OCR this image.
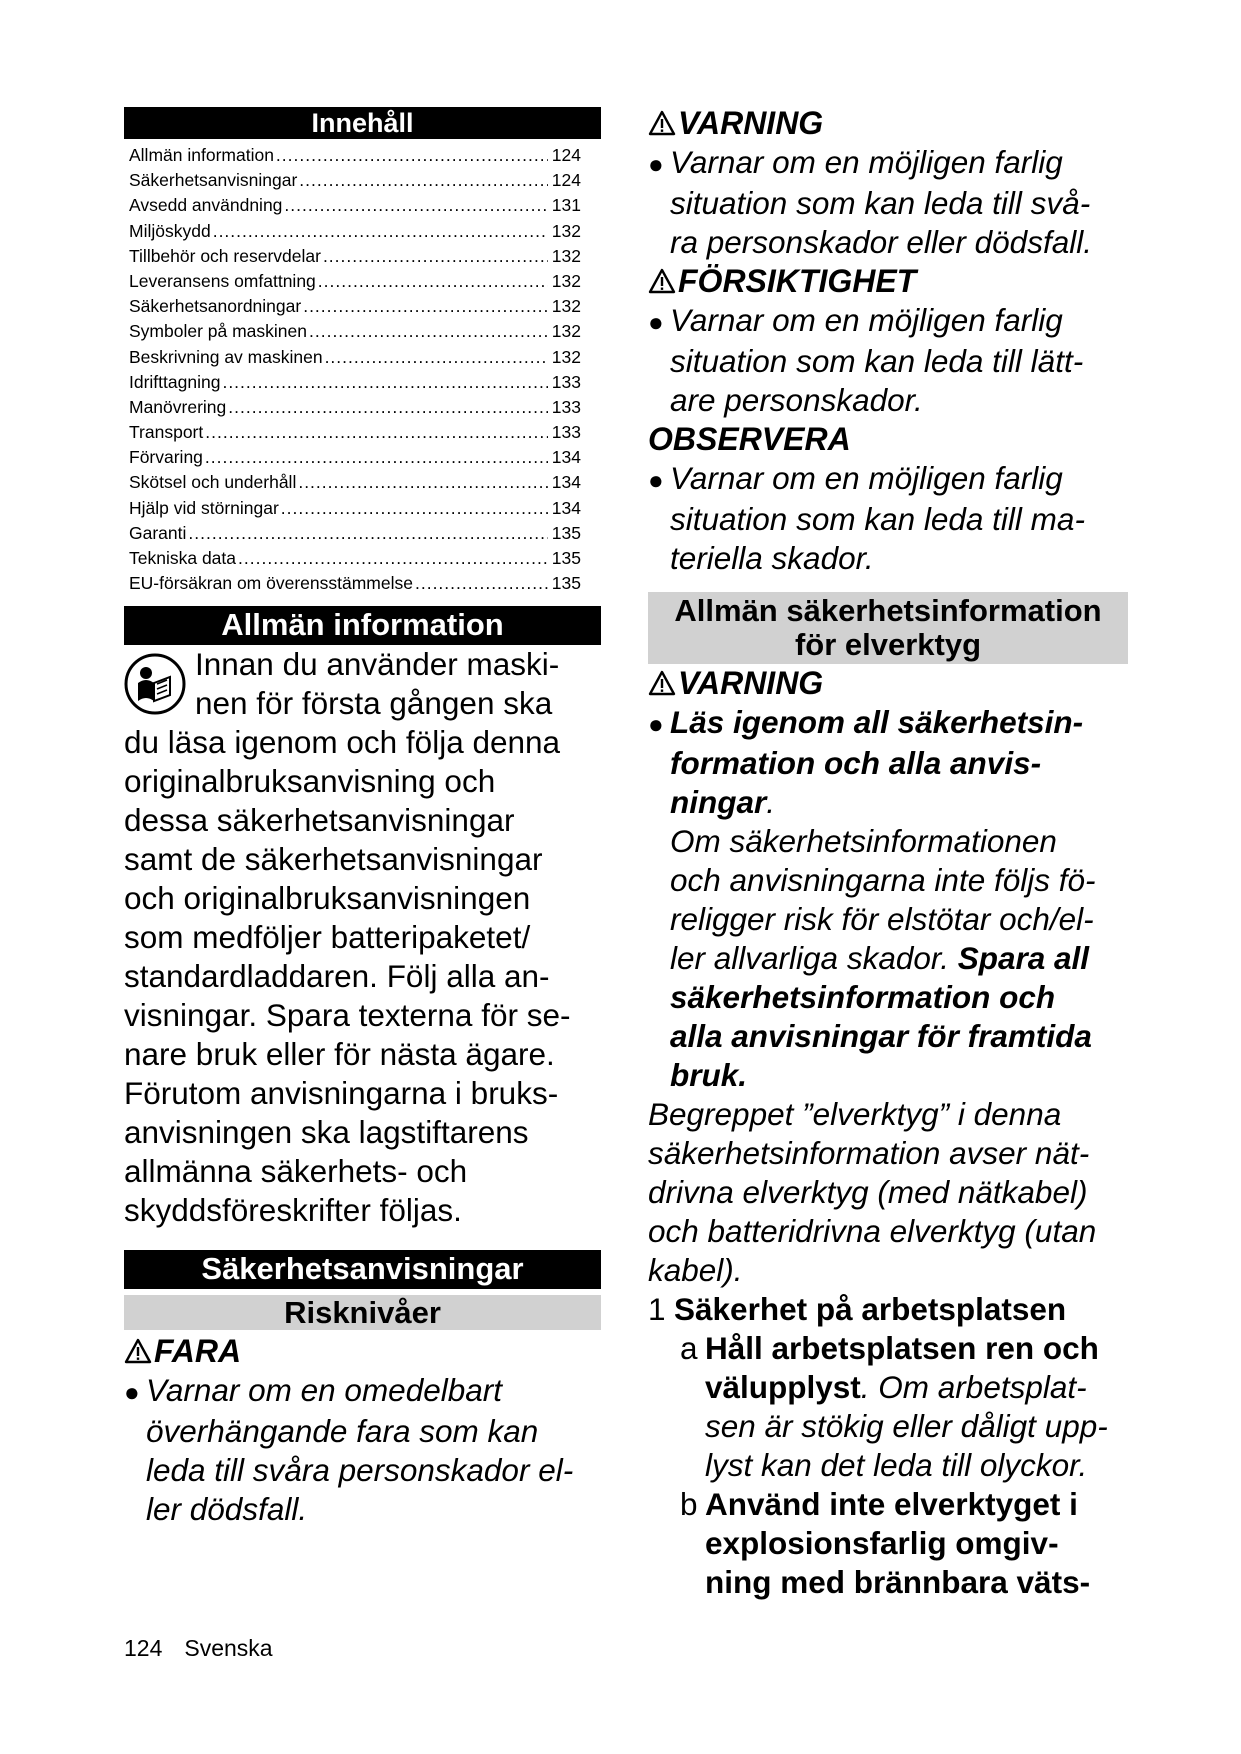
Innehåll
Allmän information .....	124
Säkerhetsanvisningar .....	124
Avsedd användning .....	131
Miljöskydd .....	132
Tillbehör och reservdelar .....	132
Leveransens omfattning .....	132
Säkerhetsanordningar .....	132
Symboler på maskinen .....	132
Beskrivning av maskinen .....	132
Idrifttagning .....	133
Manövrering .....	133
Transport .....	133
Förvaring .....	134
Skötsel och underhåll .....	134
Hjälp vid störningar .....	134
Garanti .....	135
Tekniska data .....	135
EU-försäkran om överensstämmelse .....	135
Allmän information
Innan du använder maski-
nen för första gången ska
du läsa igenom och följa denna
originalbruksanvisning och
dessa säkerhetsanvisningar
samt de säkerhetsanvisningar
och originalbruksanvisningen
som medföljer batteripaketet/
standardladdaren. Följ alla an-
visningar. Spara texterna för se-
nare bruk eller för nästa ägare.
Förutom anvisningarna i bruks-
anvisningen ska lagstiftarens
allmänna säkerhets- och
skyddsföreskrifter följas.
Säkerhetsanvisningar
Risknivåer
FARA
● Varnar om en omedelbart
överhängande fara som kan
leda till svåra personskador el-
ler dödsfall.
VARNING
● Varnar om en möjligen farlig
situation som kan leda till svå-
ra personskador eller dödsfall.
FÖRSIKTIGHET
● Varnar om en möjligen farlig
situation som kan leda till lätt-
are personskador.
OBSERVERA
● Varnar om en möjligen farlig
situation som kan leda till ma-
teriella skador.
Allmän säkerhetsinformation
för elverktyg
VARNING
● Läs igenom all säkerhetsin-
formation och alla anvis-
ningar.
Om säkerhetsinformationen
och anvisningarna inte följs fö-
religger risk för elstötar och/el-
ler allvarliga skador. Spara all
säkerhetsinformation och
alla anvisningar för framtida
bruk.
Begreppet ”elverktyg” i denna
säkerhetsinformation avser nät-
drivna elverktyg (med nätkabel)
och batteridrivna elverktyg (utan
kabel).
1 Säkerhet på arbetsplatsen
a Håll arbetsplatsen ren och
välupplyst. Om arbetsplat-
sen är stökig eller dåligt upp-
lyst kan det leda till olyckor.
b Använd inte elverktyget i
explosionsfarlig omgiv-
ning med brännbara väts-
124 Svenska
